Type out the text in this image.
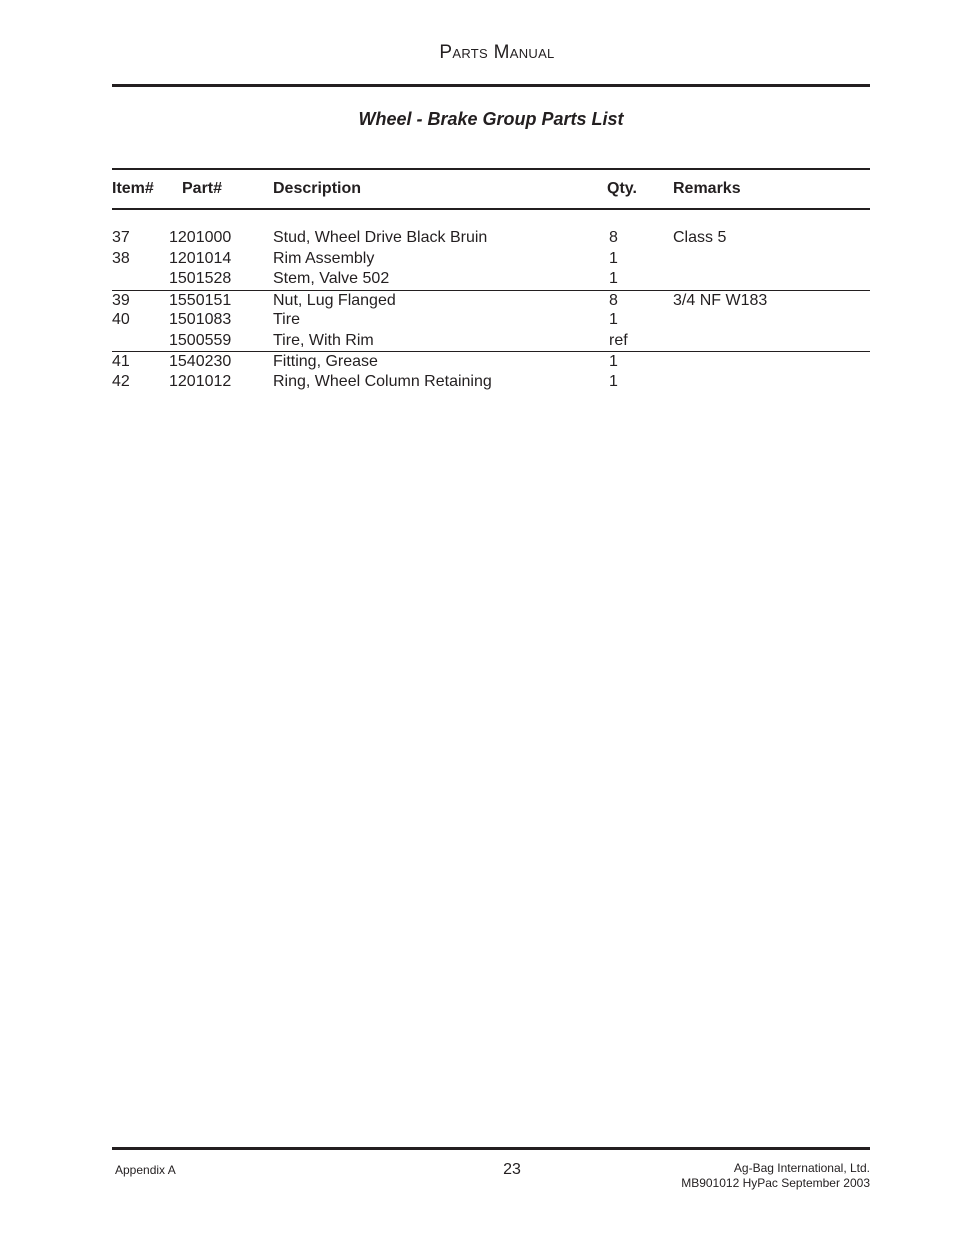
Parts Manual
Wheel - Brake Group Parts List
Item# Part#	Description	Qty. Remarks
37 1201000	Stud, Wheel Drive Black Bruin	8	Class 5
38 1201014	Rim Assembly	1
1501528	Stem, Valve 502	1
39 1550151	Nut, Lug Flanged	8	3/4 NF W183
40 1501083	Tire	1
1500559	Tire, With Rim	ref
41 1540230	Fitting, Grease	1
42 1201012	Ring, Wheel Column Retaining	1
Appendix A	23	Ag-Bag International, Ltd.
MB901012 HyPac September 2003
